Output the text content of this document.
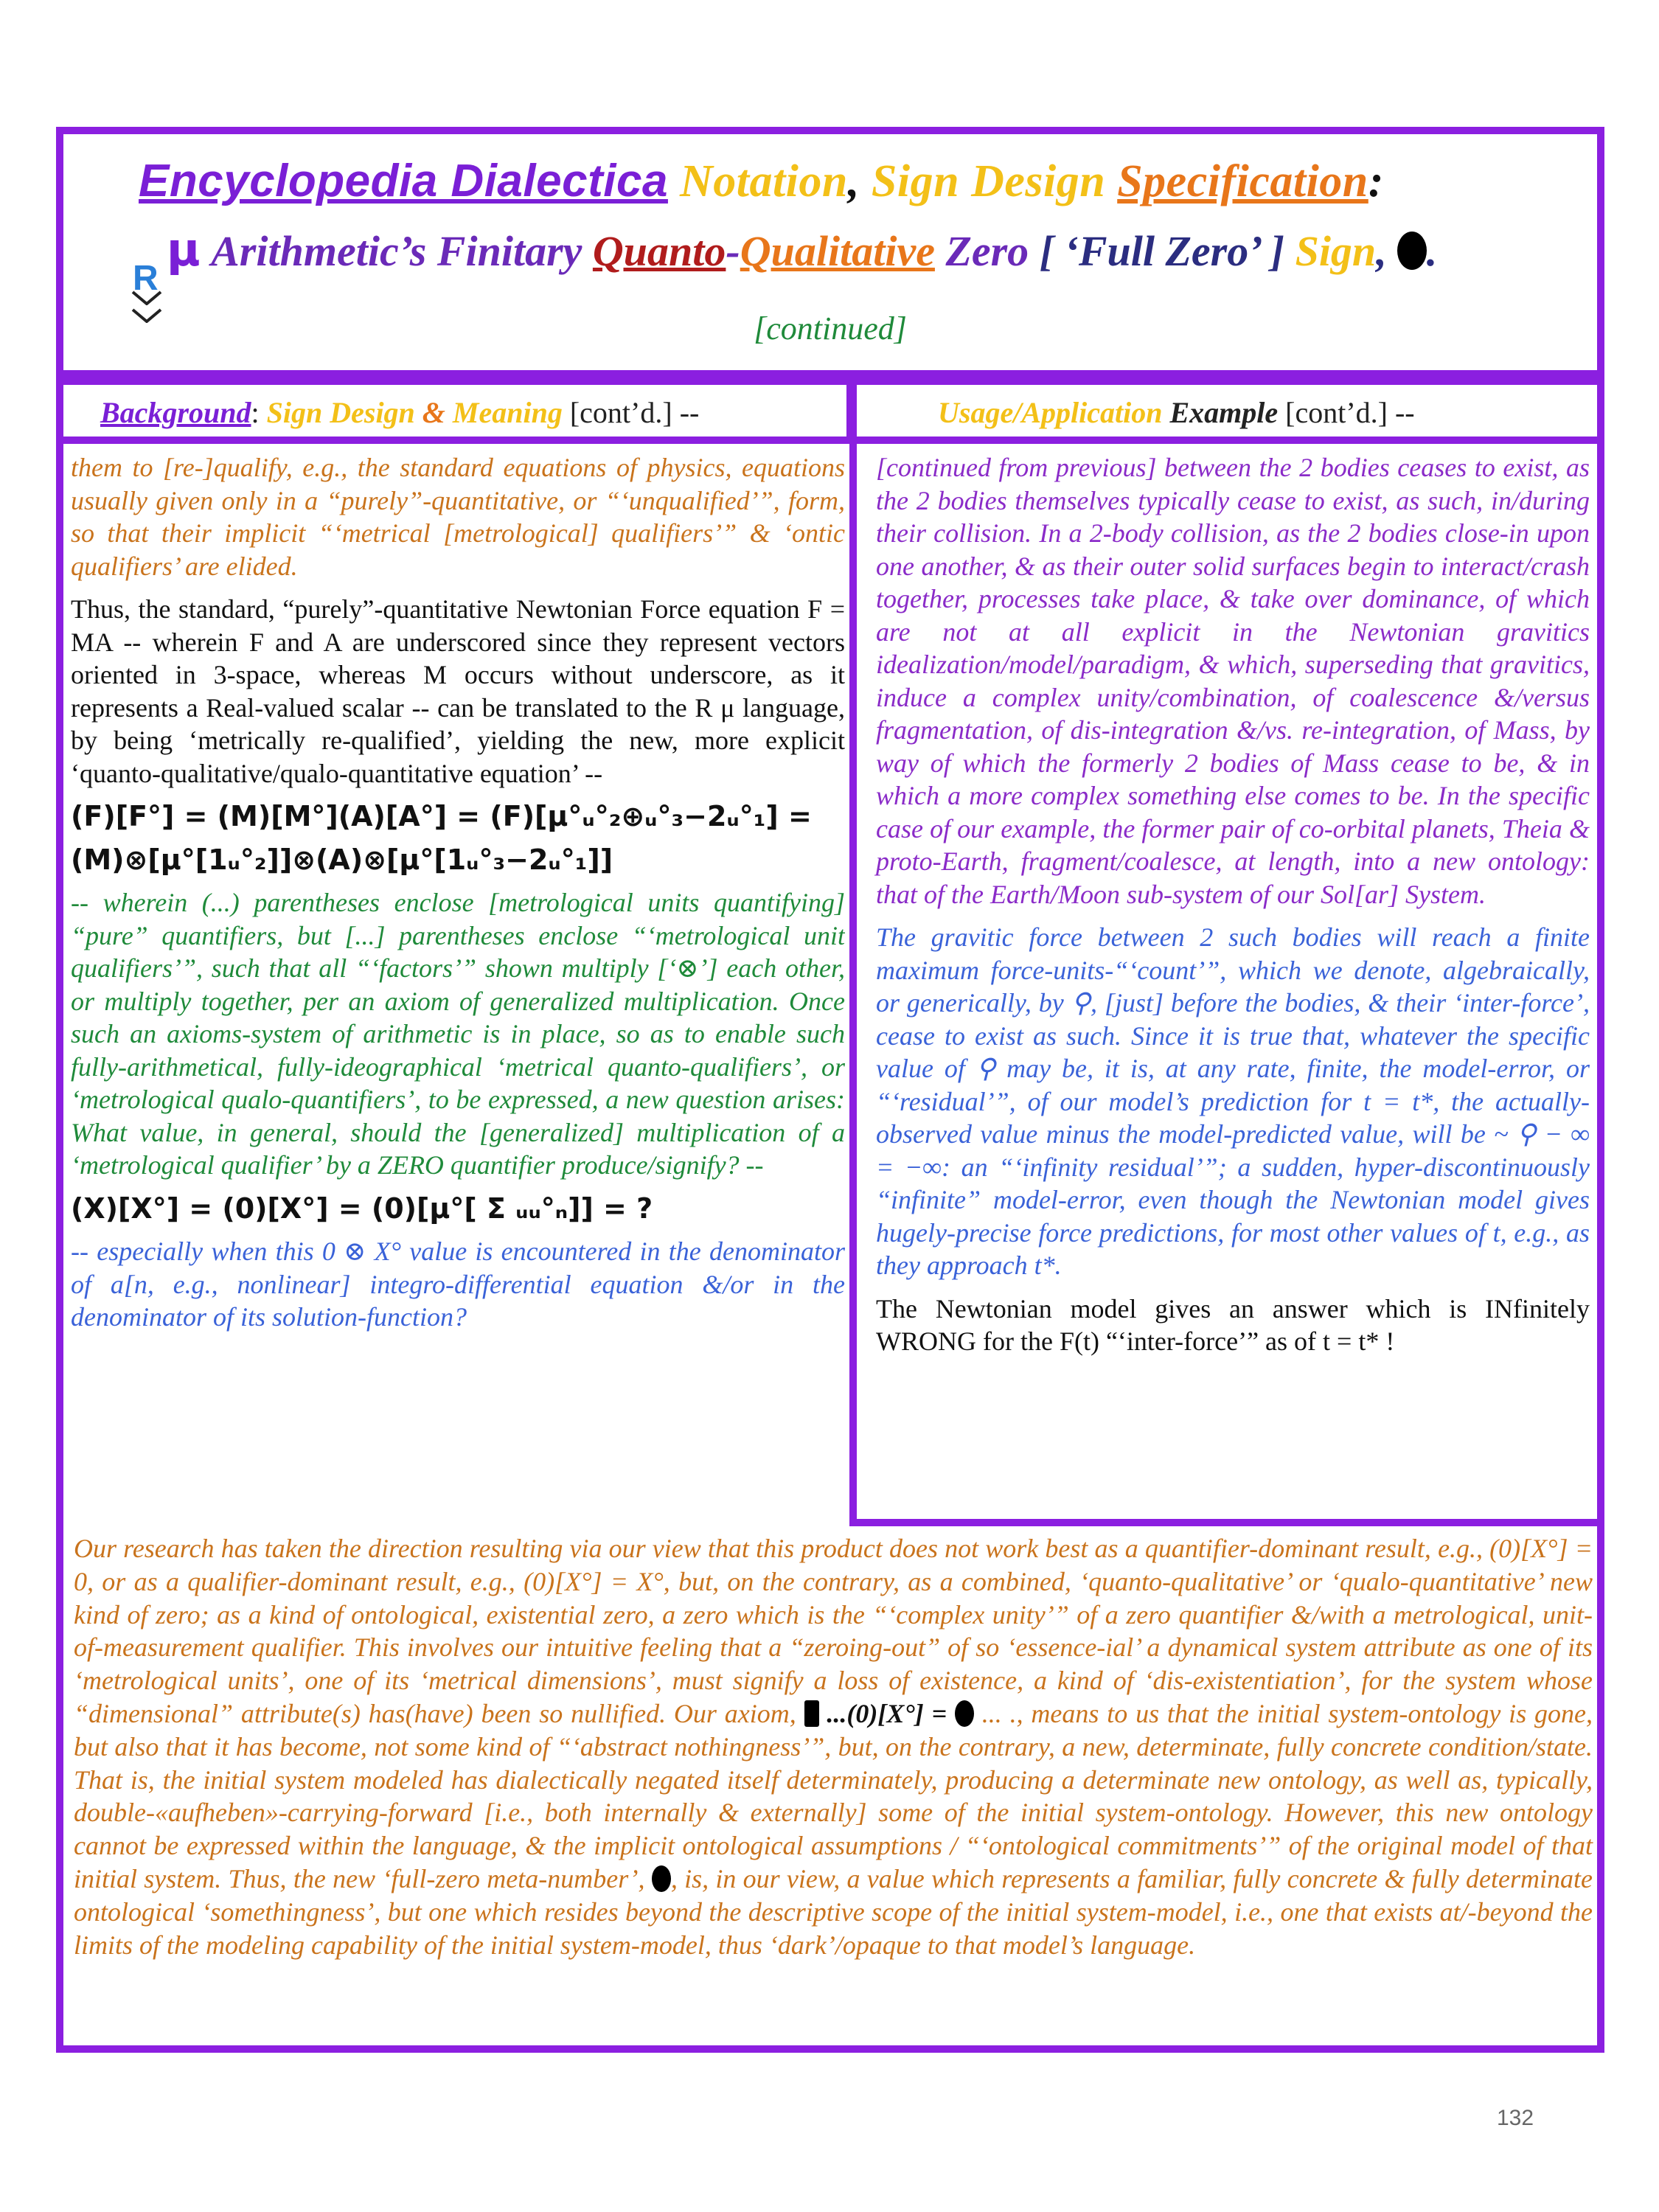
Encyclopedia Dialectica Notation, Sign Design Specification:
R
μ Arithmetic’s Finitary Quanto-Qualitative Zero [ ‘Full Zero’ ] Sign, .
[continued]
Background: Sign Design & Meaning [cont’d.] --	Usage/Application Example [cont’d.] --

them to [re-]qualify, e.g., the standard equations of physics, equations usually given only in a “purely”-quantitative, or “‘unqualified’”, form, so that their implicit “‘metrical [metrological] qualifiers’” & ‘ontic qualifiers’ are elided.

Thus, the standard, “purely”-quantitative Newtonian Force equation F = MA -- wherein F and A are underscored since they represent vectors oriented in 3-space, whereas M occurs without underscore, as it represents a Real-valued scalar -- can be translated to the R μ language, by being ‘metrically re-qualified’, yielding the new, more explicit ‘quanto-qualitative/qualo-quantitative equation’ --

(F)[F°] = (M)[M°](A)[A°] = (F)[μ°ᵤ°₂⊕ᵤ°₃−2ᵤ°₁] =
(M)⊗[μ°[1ᵤ°₂]]⊗(A)⊗[μ°[1ᵤ°₃−2ᵤ°₁]]

-- wherein (...) parentheses enclose [metrological units quantifying] “pure” quantifiers, but [...] parentheses enclose “‘metrological unit qualifiers’”, such that all “‘factors’” shown multiply [‘⊗’] each other, or multiply together, per an axiom of generalized multiplication. Once such an axioms-system of arithmetic is in place, so as to enable such fully-arithmetical, fully-ideographical ‘metrical quanto-qualifiers’, or ‘metrological qualo-quantifiers’, to be expressed, a new question arises: What value, in general, should the [generalized] multiplication of a ‘metrological qualifier’ by a ZERO quantifier produce/signify? --

(X)[X°] = (0)[X°] = (0)[μ°[ Σ ᵤᵤ°ₙ]] = ?

-- especially when this 0 ⊗ X° value is encountered in the denominator of a[n, e.g., nonlinear] integro-differential equation &/or in the denominator of its solution-function?

[continued from previous] between the 2 bodies ceases to exist, as the 2 bodies themselves typically cease to exist, as such, in/during their collision. In a 2-body collision, as the 2 bodies close-in upon one another, & as their outer solid surfaces begin to interact/crash together, processes take place, & take over dominance, of which are not at all explicit in the Newtonian gravitics idealization/model/paradigm, & which, superseding that gravitics, induce a complex unity/combination, of coalescence &/versus fragmentation, of dis-integration &/vs. re-integration, of Mass, by way of which the formerly 2 bodies of Mass cease to be, & in which a more complex something else comes to be. In the specific case of our example, the former pair of co-orbital planets, Theia & proto-Earth, fragment/coalesce, at length, into a new ontology: that of the Earth/Moon sub-system of our Sol[ar] System.

The gravitic force between 2 such bodies will reach a finite maximum force-units-“‘count’”, which we denote, algebraically, or generically, by ⚲, [just] before the bodies, & their ‘inter-force’, cease to exist as such. Since it is true that, whatever the specific value of ⚲ may be, it is, at any rate, finite, the model-error, or “‘residual’”, of our model’s prediction for t = t*, the actually-observed value minus the model-predicted value, will be ~ ⚲ − ∞ = −∞: an “‘infinity residual’”; a sudden, hyper-discontinuously “infinite” model-error, even though the Newtonian model gives hugely-precise force predictions, for most other values of t, e.g., as they approach t*.

The Newtonian model gives an answer which is INfinitely WRONG for the F(t) “‘inter-force’” as of t = t* !

Our research has taken the direction resulting via our view that this product does not work best as a quantifier-dominant result, e.g., (0)[X°] = 0, or as a qualifier-dominant result, e.g., (0)[X°] = X°, but, on the contrary, as a combined, ‘quanto-qualitative’ or ‘qualo-quantitative’ new kind of zero; as a kind of ontological, existential zero, a zero which is the “‘complex unity’” of a zero quantifier &/with a metrological, unit-of-measurement qualifier. This involves our intuitive feeling that a “zeroing-out” of so ‘essence-ial’ a dynamical system attribute as one of its ‘metrological units’, one of its ‘metrical dimensions’, must signify a loss of existence, a kind of ‘dis-existentiation’, for the system whose “dimensional” attribute(s) has(have) been so nullified. Our axiom,  ...(0)[X°] =  ... ., means to us that the initial system-ontology is gone, but also that it has become, not some kind of “‘abstract nothingness’”, but, on the contrary, a new, determinate, fully concrete condition/state. That is, the initial system modeled has dialectically negated itself determinately, producing a determinate new ontology, as well as, typically, double-«aufheben»-carrying-forward [i.e., both internally & externally] some of the initial system-ontology. However, this new ontology cannot be expressed within the language, & the implicit ontological assumptions / “‘ontological commitments’” of the original model of that initial system. Thus, the new ‘full-zero meta-number’, , is, in our view, a value which represents a familiar, fully concrete & fully determinate ontological ‘somethingness’, but one which resides beyond the descriptive scope of the initial system-model, i.e., one that exists at/-beyond the limits of the modeling capability of the initial system-model, thus ‘dark’/opaque to that model’s language.

132
